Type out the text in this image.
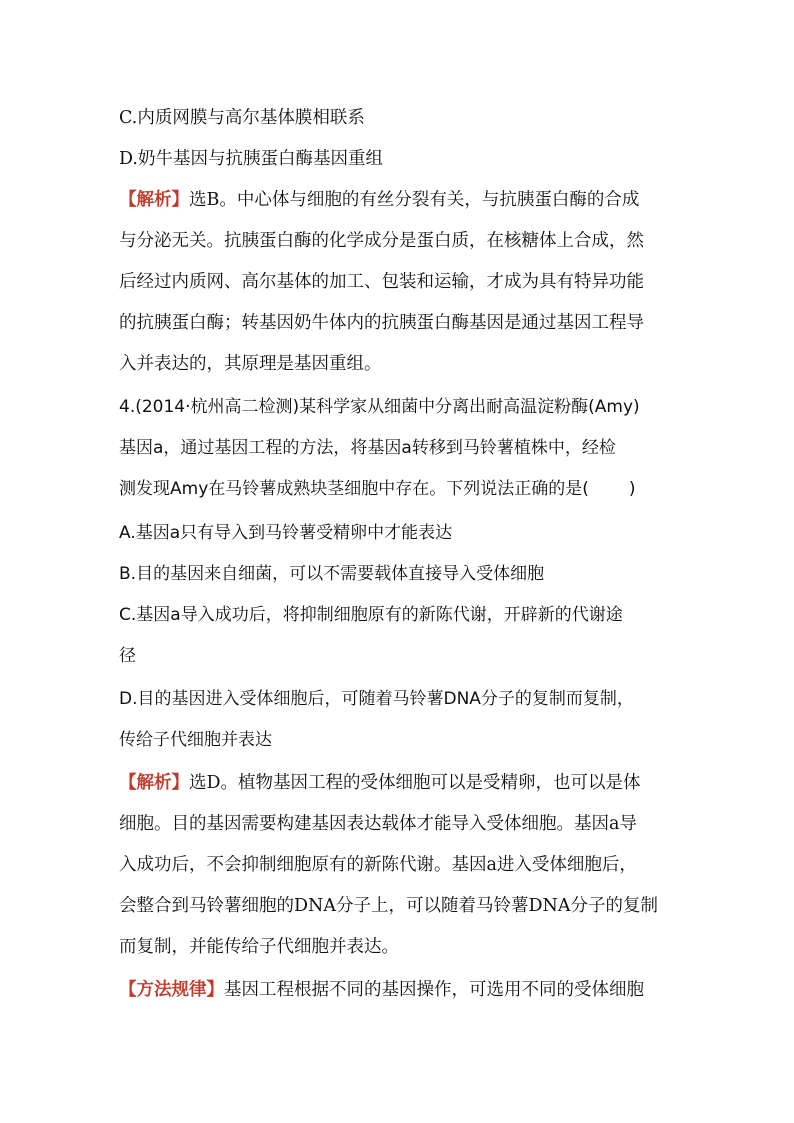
C.内质网膜与高尔基体膜相联系
D.奶牛基因与抗胰蛋白酶基因重组
【解析】选B。中心体与细胞的有丝分裂有关，与抗胰蛋白酶的合成
与分泌无关。抗胰蛋白酶的化学成分是蛋白质，在核糖体上合成，然
后经过内质网、高尔基体的加工、包装和运输，才成为具有特异功能
的抗胰蛋白酶；转基因奶牛体内的抗胰蛋白酶基因是通过基因工程导
入并表达的，其原理是基因重组。
4.(2014·杭州高二检测)某科学家从细菌中分离出耐高温淀粉酶(Amy)
基因a，通过基因工程的方法，将基因a转移到马铃薯植株中，经检
测发现Amy在马铃薯成熟块茎细胞中存在。下列说法正确的是( )
A.基因a只有导入到马铃薯受精卵中才能表达
B.目的基因来自细菌，可以不需要载体直接导入受体细胞
C.基因a导入成功后，将抑制细胞原有的新陈代谢，开辟新的代谢途
径
D.目的基因进入受体细胞后，可随着马铃薯DNA分子的复制而复制，
传给子代细胞并表达
【解析】选D。植物基因工程的受体细胞可以是受精卵，也可以是体
细胞。目的基因需要构建基因表达载体才能导入受体细胞。基因a导
入成功后，不会抑制细胞原有的新陈代谢。基因a进入受体细胞后，
会整合到马铃薯细胞的DNA分子上，可以随着马铃薯DNA分子的复制
而复制，并能传给子代细胞并表达。
【方法规律】基因工程根据不同的基因操作，可选用不同的受体细胞
